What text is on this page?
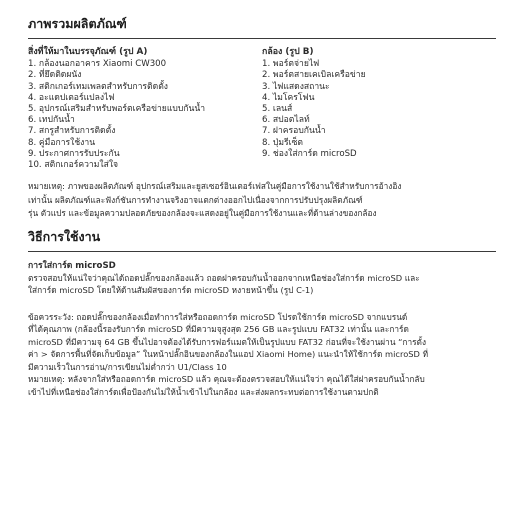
ภาพรวมผลิตภัณฑ์
สิ่งที่ให้มาในบรรจุภัณฑ์ (รูป A)
1. กล้องนอกอาคาร Xiaomi CW300
2. ที่ยึดติดผนัง
3. สติกเกอร์เทมเพลตสำหรับการติดตั้ง
4. อะแดปเตอร์แปลงไฟ
5. อุปกรณ์เสริมสำหรับพอร์ตเครือข่ายแบบกันน้ำ
6. เทปกันน้ำ
7. สกรูสำหรับการติดตั้ง
8. คู่มือการใช้งาน
9. ประกาศการรับประกัน
10. สติกเกอร์ความใส่ใจ
กล้อง (รูป B)
1. พอร์ตจ่ายไฟ
2. พอร์ตสายเคเบิลเครือข่าย
3. ไฟแสดงสถานะ
4. ไมโครโฟน
5. เลนส์
6. สปอตไลท์
7. ฝาครอบกันน้ำ
8. ปุ่มรีเซ็ต
9. ช่องใส่การ์ด microSD
หมายเหตุ: ภาพของผลิตภัณฑ์ อุปกรณ์เสริมและยูสเซอร์อินเตอร์เฟสในคู่มือการใช้งานใช้สำหรับการอ้างอิง
เท่านั้น ผลิตภัณฑ์และฟังก์ชันการทำงานจริงอาจแตกต่างออกไปเนื่องจากการปรับปรุงผลิตภัณฑ์
รุ่น ตัวแปร และข้อมูลความปลอดภัยของกล้องจะแสดงอยู่ในคู่มือการใช้งานและที่ด้านล่างของกล้อง
วิธีการใช้งาน
การใส่การ์ด microSD
ตรวจสอบให้แน่ใจว่าคุณได้ถอดปลั๊กของกล้องแล้ว ถอดฝาครอบกันน้ำออกจากเหนือช่องใส่การ์ด microSD และ
ใส่การ์ด microSD โดยให้ด้านสัมผัสของการ์ด microSD หงายหน้าขึ้น (รูป C-1)
ข้อควรระวัง: ถอดปลั๊กของกล้องเมื่อทำการใส่หรือถอดการ์ด microSD โปรดใช้การ์ด microSD จากแบรนด์
ที่ได้คุณภาพ (กล้องนี้รองรับการ์ด microSD ที่มีความจุสูงสุด 256 GB และรูปแบบ FAT32 เท่านั้น และการ์ด
microSD ที่มีความจุ 64 GB ขึ้นไปอาจต้องได้รับการฟอร์แมตให้เป็นรูปแบบ FAT32 ก่อนที่จะใช้งานผ่าน “การตั้ง
ค่า > จัดการพื้นที่จัดเก็บข้อมูล” ในหน้าปลั๊กอินของกล้องในแอป Xiaomi Home) แนะนำให้ใช้การ์ด microSD ที่
มีความเร็วในการอ่าน/การเขียนไม่ต่ำกว่า U1/Class 10
หมายเหตุ: หลังจากใส่หรือถอดการ์ด microSD แล้ว คุณจะต้องตรวจสอบให้แน่ใจว่า คุณได้ใส่ฝาครอบกันน้ำกลับ
เข้าไปที่เหนือช่องใส่การ์ดเพื่อป้องกันไม่ให้น้ำเข้าไปในกล้อง และส่งผลกระทบต่อการใช้งานตามปกติ
